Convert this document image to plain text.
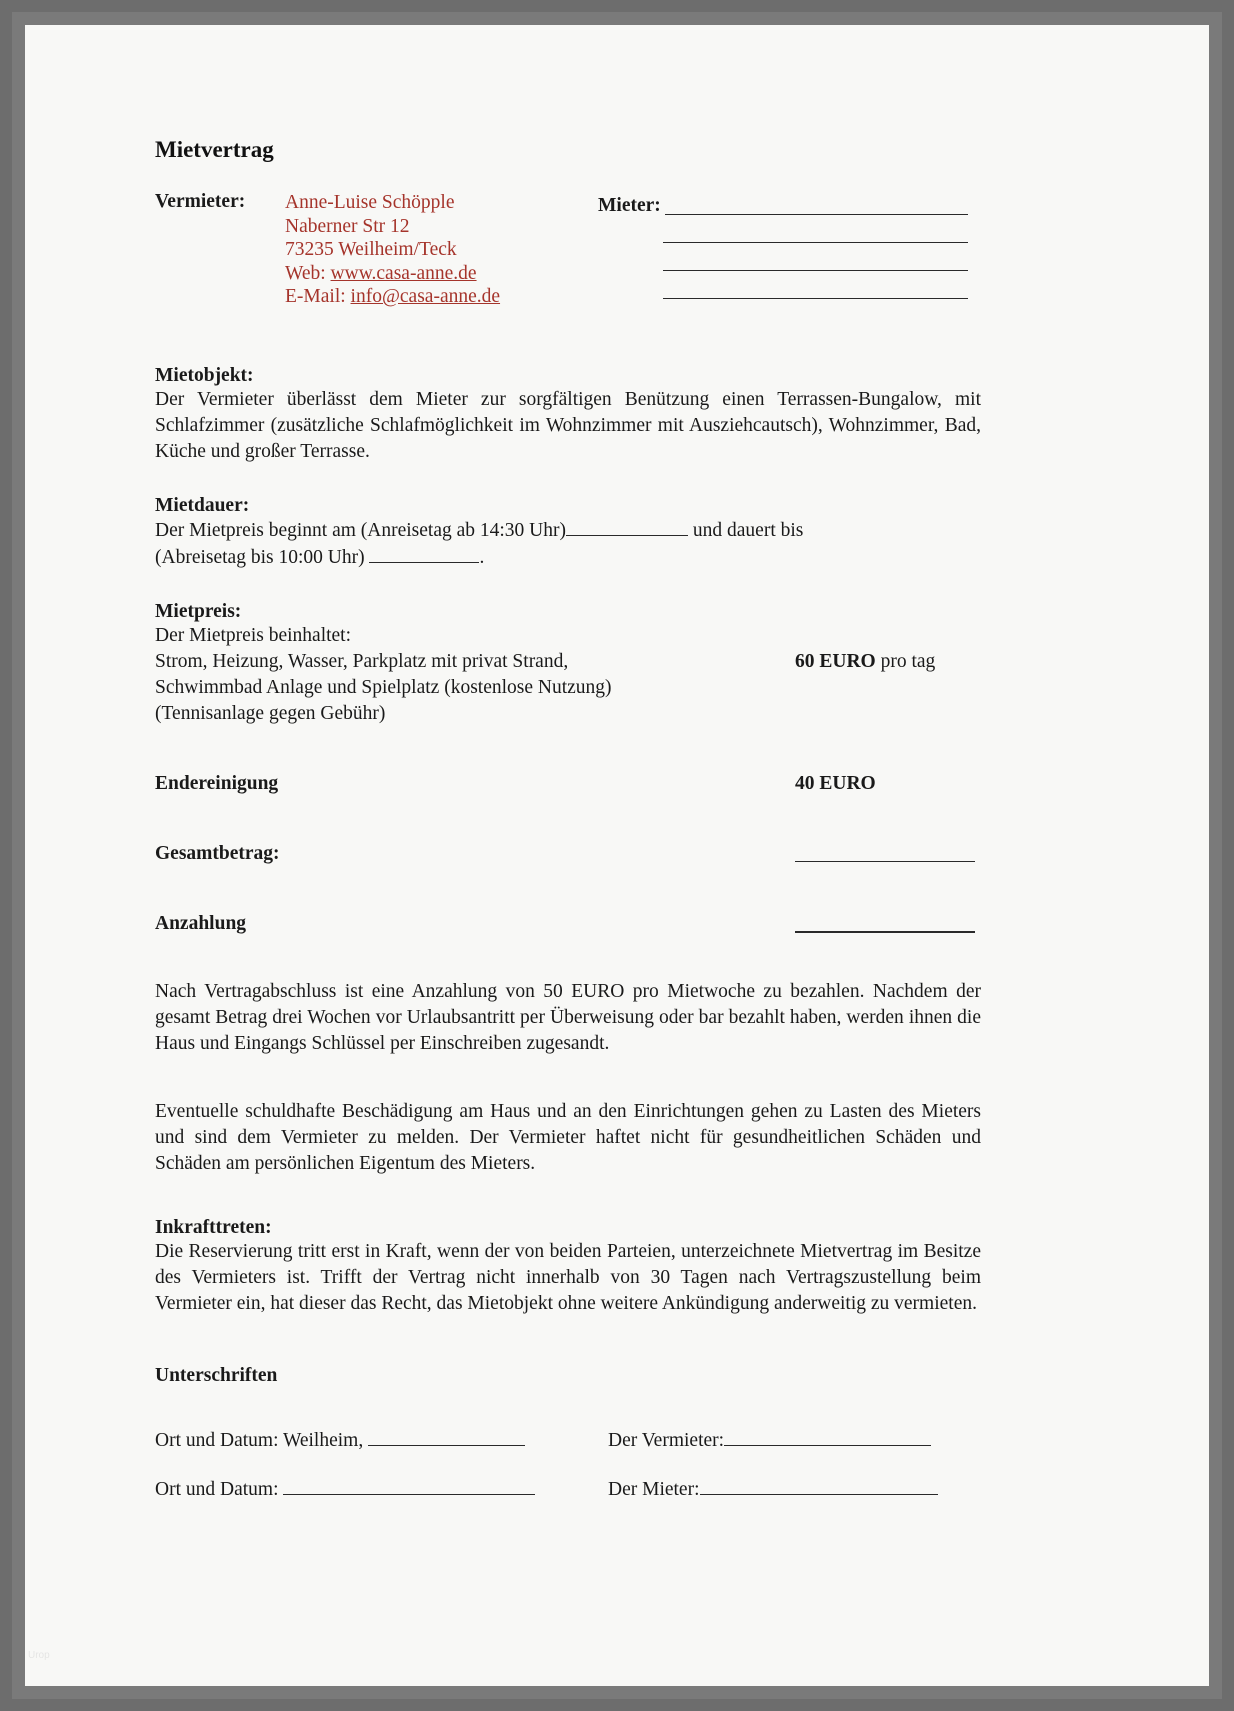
Mietvertrag
Vermieter: Anne-Luise Schöpple
Naberner Str 12
73235 Weilheim/Teck
Web: www.casa-anne.de
E-Mail: info@casa-anne.de
Mieter:
Mietobjekt:

Der Vermieter überlässt dem Mieter zur sorgfältigen Benützung einen Terrassen-Bungalow, mit Schlafzimmer (zusätzliche Schlafmöglichkeit im Wohnzimmer mit Ausziehcautsch), Wohnzimmer, Bad, Küche und großer Terrasse.

Mietdauer:
Der Mietpreis beginnt am (Anreisetag ab 14:30 Uhr)	und dauert bis
(Abreisetag bis 10:00 Uhr)	.
Mietpreis:
Der Mietpreis beinhaltet:
Strom, Heizung, Wasser, Parkplatz mit privat Strand,	60 EURO pro tag
Schwimmbad Anlage und Spielplatz (kostenlose Nutzung)
(Tennisanlage gegen Gebühr)
Endereinigung	40 EURO
Gesamtbetrag:
Anzahlung

Nach Vertragabschluss ist eine Anzahlung von 50 EURO pro Mietwoche zu bezahlen. Nachdem der gesamt Betrag drei Wochen vor Urlaubsantritt per Überweisung oder bar bezahlt haben, werden ihnen die Haus und Eingangs Schlüssel per Einschreiben zugesandt.

Eventuelle schuldhafte Beschädigung am Haus und an den Einrichtungen gehen zu Lasten des Mieters und sind dem Vermieter zu melden. Der Vermieter haftet nicht für gesundheitlichen Schäden und Schäden am persönlichen Eigentum des Mieters.

Inkrafttreten:

Die Reservierung tritt erst in Kraft, wenn der von beiden Parteien, unterzeichnete Mietvertrag im Besitze des Vermieters ist. Trifft der Vertrag nicht innerhalb von 30 Tagen nach Vertragszustellung beim Vermieter ein, hat dieser das Recht, das Mietobjekt ohne weitere Ankündigung anderweitig zu vermieten.

Unterschriften
Ort und Datum: Weilheim,	Der Vermieter:
Ort und Datum:	Der Mieter:
Urop
